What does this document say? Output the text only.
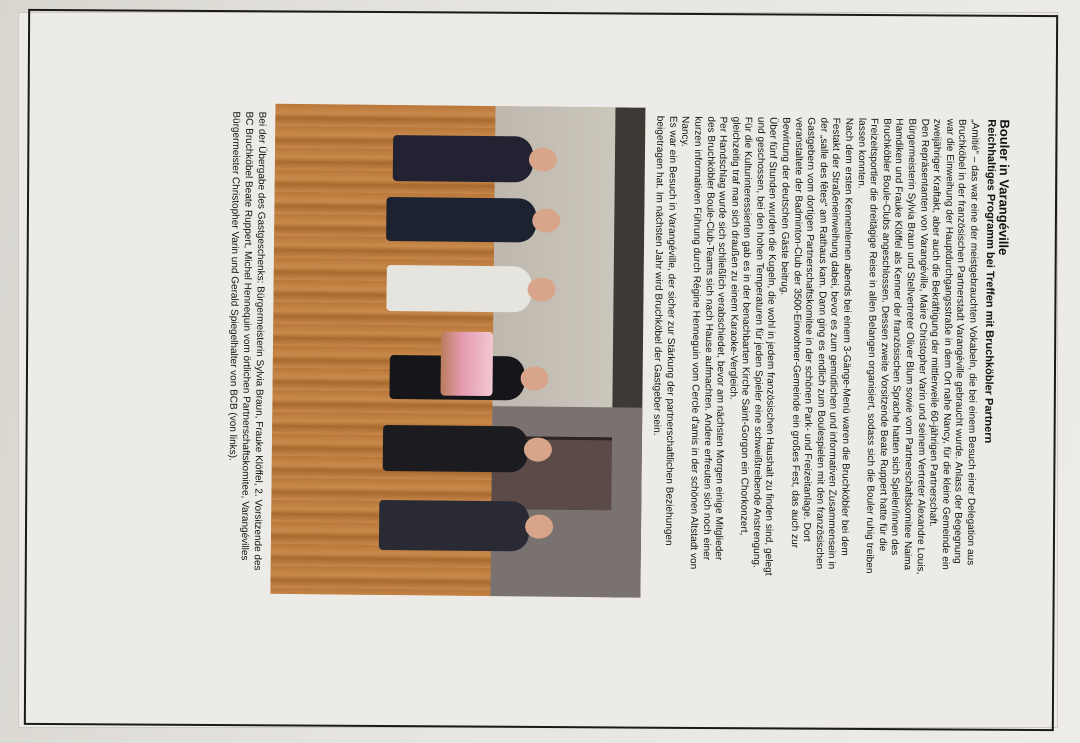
Bouler in Varangéville
Reichhaltiges Programm bei Treffen mit Bruchköbler Partnern

„Amitié“ – das war eine der meistgebrauchten Vokabeln, die bei einem Besuch einer Delegation aus Bruchköbel in der französischen Partnerstadt Varangéville gebraucht wurde. Anlass der Begegnung war die Einweihung der Hauptdurchgangsstraße in dem Ort nahe Nancy, für die kleine Gemeinde ein zweijähriger Kraftakt, aber auch die Bekräftigung der mittlerweile 60-jährigen Partnerschaft.

Den Repräsentanten von Varangéville, Maire Christopher Varin und seinem Vertreter Alexandre Louis, Bürgermeisterin Sylvia Braun und Stellvertreter Oliver Blum sowie vom Partnerschaftskomitee Naima Hamdiken und Frauke Klöffel als Kenner der französischen Sprache hatten sich Spieler/innen des Bruchköbler Boule-Clubs angeschlossen. Dessen zweite Vorsitzende Beate Ruppert hatte für die Freizeitsportler die dreitägige Reise in allen Belangen organisiert, sodass sich die Bouler ruhig treiben lassen konnten.

Nach dem ersten Kennenlernen abends bei einem 3-Gänge-Menü waren die Bruchköbler bei dem Festakt der Straßeneinweihung dabei, bevor es zum gemütlichen und informativen Zusammensein in der „salle des fêtes“ am Rathaus kam. Dann ging es endlich zum Boulespielen mit den französischen Gastgebern vom dortigen Partnerschaftskomitee in der schönen Park- und Freizeitanlage. Dort veranstaltete der Badminton-Club der 3500-Einwohner-Gemeinde ein großes Fest, das auch zur Bewirtung der deutschen Gäste beitrug.

Über fünf Stunden wurden die Kugeln, die wohl in jedem französischen Haushalt zu finden sind, gelegt und geschossen, bei den hohen Temperaturen für jeden Spieler eine schweißtreibende Anstrengung. Für die Kulturinteressierten gab es in der benachbarten Kirche Saint-Gorgon ein Chorkonzert, gleichzeitig traf man sich draußen zu einem Karaoke-Vergleich.

Per Handschlag wurde sich schließlich verabschiedet, bevor am nächsten Morgen einige Mitglieder des Bruchköbler Boule-Club-Teams sich nach Hause aufmachten. Andere erfreuten sich noch einer kurzen informativen Führung durch Régine Henneguin vom Cercle d'amis in der schönen Altstadt von Nancy.

Es war ein Besuch in Varangéville, der sicher zur Stärkung der partnerschaftlichen Beziehungen beigetragen hat. Im nächsten Jahr wird Bruchköbel der Gastgeber sein.

Bei der Übergabe des Gastgeschenks: Bürgermeisterin Sylvia Braun, Frauke Klöffel, 2. Vorsitzende des BC Bruchköbel Beate Ruppert, Michel Hennequin vom örtlichen Partnerschaftskomitee, Varangévilles Bürgermeister Christopher Varin und Gerald Spiegelhalter von BCB (von links).
